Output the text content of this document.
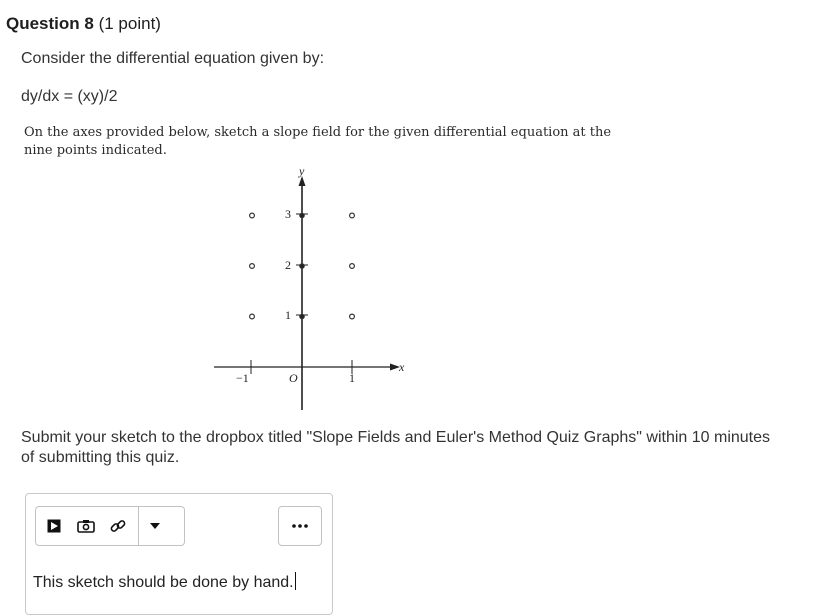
Question 8 (1 point)
Consider the differential equation given by:
dy/dx = (xy)/2
On the axes provided below, sketch a slope field for the given differential equation at the nine points indicated.
y
x
O
−1	1
3
2
1
Submit your sketch to the dropbox titled "Slope Fields and Euler's Method Quiz Graphs" within 10 minutes of submitting this quiz.
This sketch should be done by hand.
